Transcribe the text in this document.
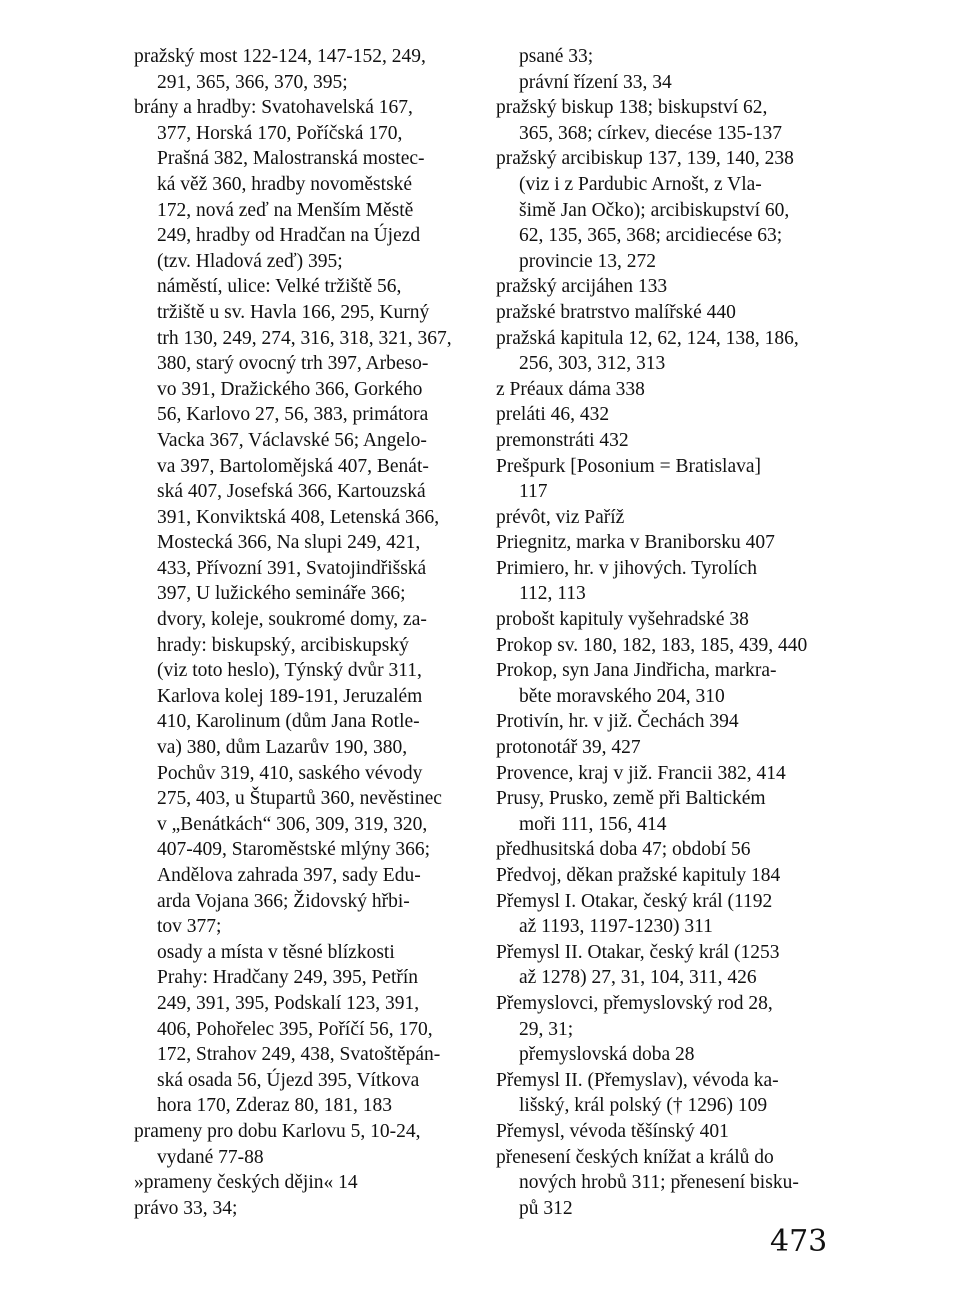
pražský most 122-124, 147-152, 249,

291, 365, 366, 370, 395;

brány a hradby: Svatohavelská 167,

377, Horská 170, Poříčská 170,

Prašná 382, Malostranská mostec-

ká věž 360, hradby novoměstské

172, nová zeď na Menším Městě

249, hradby od Hradčan na Újezd

(tzv. Hladová zeď) 395;

náměstí, ulice: Velké tržiště 56,

tržiště u sv. Havla 166, 295, Kurný

trh 130, 249, 274, 316, 318, 321, 367,

380, starý ovocný trh 397, Arbeso-

vo 391, Dražického 366, Gorkého

56, Karlovo 27, 56, 383, primátora

Vacka 367, Václavské 56; Angelo-

va 397, Bartolomějská 407, Benát-

ská 407, Josefská 366, Kartouzská

391, Konviktská 408, Letenská 366,

Mostecká 366, Na slupi 249, 421,

433, Přívozní 391, Svatojindřišská

397, U lužického semináře 366;

dvory, koleje, soukromé domy, za-

hrady: biskupský, arcibiskupský

(viz toto heslo), Týnský dvůr 311,

Karlova kolej 189-191, Jeruzalém

410, Karolinum (dům Jana Rotle-

va) 380, dům Lazarův 190, 380,

Pochův 319, 410, saského vévody

275, 403, u Štupartů 360, nevěstinec

v „Benátkách“ 306, 309, 319, 320,

407-409, Staroměstské mlýny 366;

Andělova zahrada 397, sady Edu-

arda Vojana 366; Židovský hřbi-

tov 377;

osady a místa v těsné blízkosti

Prahy: Hradčany 249, 395, Petřín

249, 391, 395, Podskalí 123, 391,

406, Pohořelec 395, Poříčí 56, 170,

172, Strahov 249, 438, Svatoštěpán-

ská osada 56, Újezd 395, Vítkova

hora 170, Zderaz 80, 181, 183

prameny pro dobu Karlovu 5, 10-24,

vydané 77-88

»prameny českých dějin« 14

právo 33, 34;

psané 33;

právní řízení 33, 34

pražský biskup 138; biskupství 62,

365, 368; církev, diecése 135-137

pražský arcibiskup 137, 139, 140, 238

(viz i z Pardubic Arnošt, z Vla-

šimě Jan Očko); arcibiskupství 60,

62, 135, 365, 368; arcidiecése 63;

provincie 13, 272

pražský arcijáhen 133

pražské bratrstvo malířské 440

pražská kapitula 12, 62, 124, 138, 186,

256, 303, 312, 313

z Préaux dáma 338

preláti 46, 432

premonstráti 432

Prešpurk [Posonium = Bratislava]

117

prévôt, viz Paříž

Priegnitz, marka v Braniborsku 407

Primiero, hr. v jihových. Tyrolích

112, 113

probošt kapituly vyšehradské 38

Prokop sv. 180, 182, 183, 185, 439, 440

Prokop, syn Jana Jindřicha, markra-

běte moravského 204, 310

Protivín, hr. v již. Čechách 394

protonotář 39, 427

Provence, kraj v již. Francii 382, 414

Prusy, Prusko, země při Baltickém

moři 111, 156, 414

předhusitská doba 47; období 56

Předvoj, děkan pražské kapituly 184

Přemysl I. Otakar, český král (1192

až 1193, 1197-1230) 311

Přemysl II. Otakar, český král (1253

až 1278) 27, 31, 104, 311, 426

Přemyslovci, přemyslovský rod 28,

29, 31;

přemyslovská doba 28

Přemysl II. (Přemyslav), vévoda ka-

lišský, král polský († 1296) 109

Přemysl, vévoda těšínský 401

přenesení českých knížat a králů do

nových hrobů 311; přenesení bisku-

pů 312

473
